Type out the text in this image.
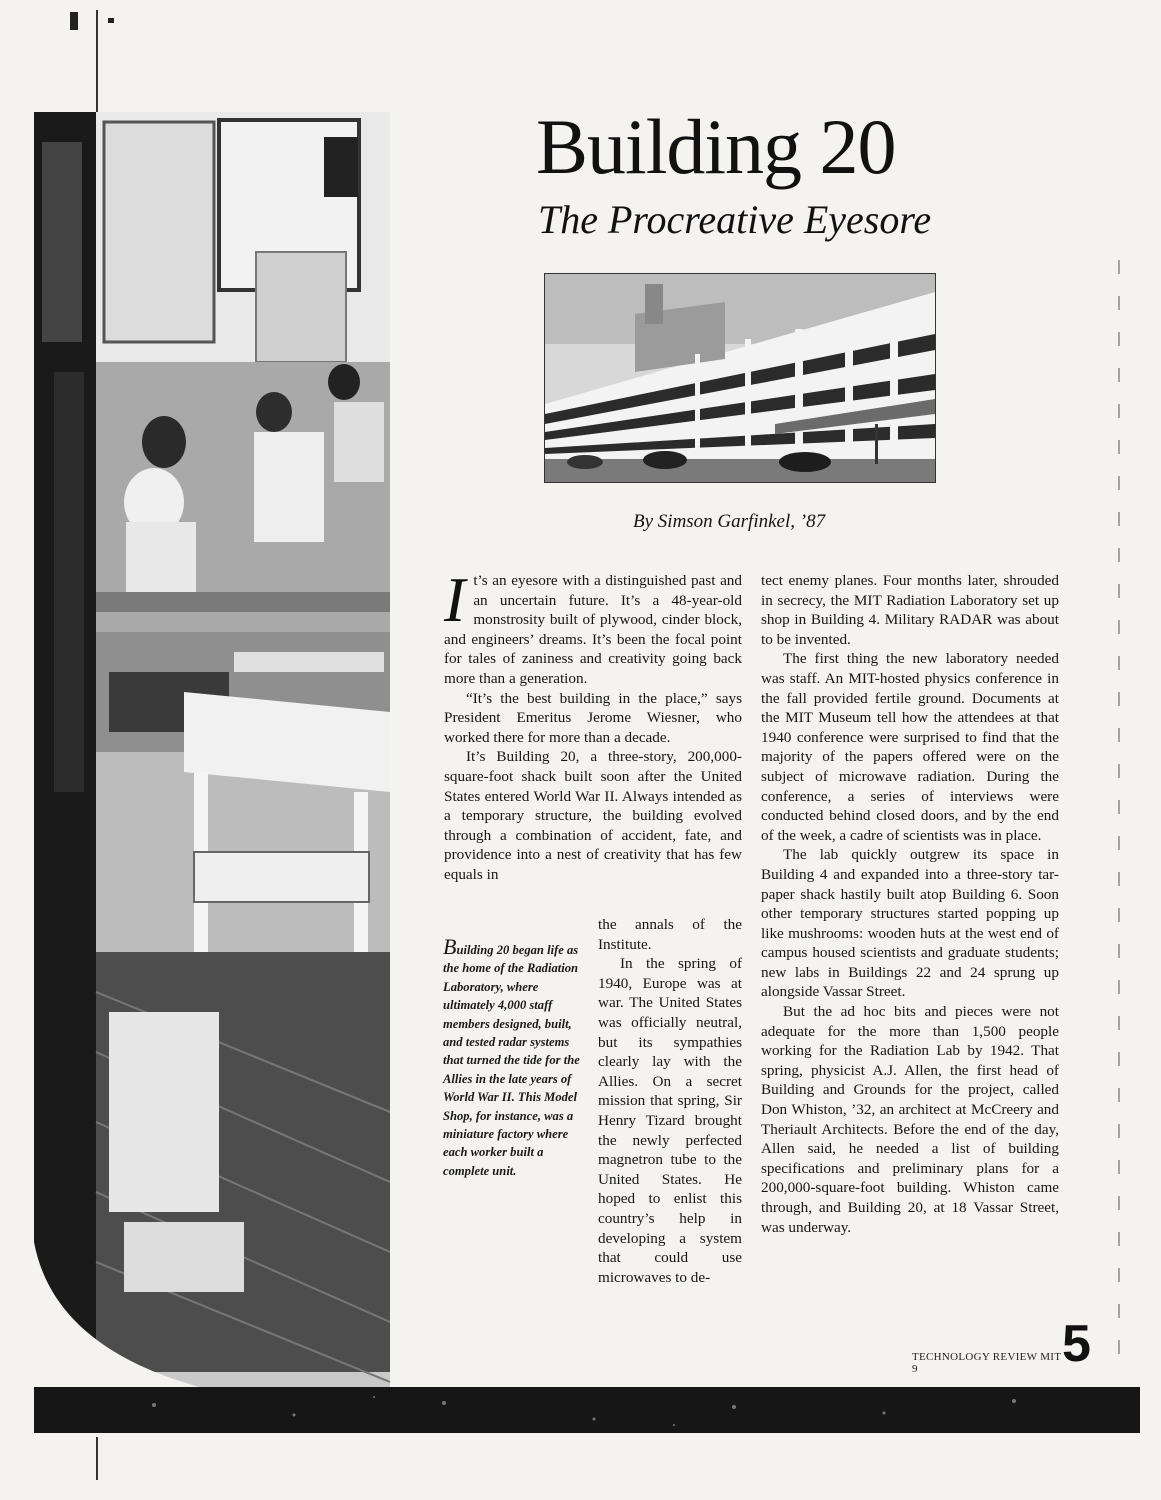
Building 20
The Procreative Eyesore
By Simson Garfinkel, ’87

It’s an eyesore with a distinguished past and an uncertain future. It’s a 48-year-old monstrosity built of plywood, cinder block, and engineers’ dreams. It’s been the focal point for tales of zaniness and creativity going back more than a generation.

“It’s the best building in the place,” says President Emeritus Jerome Wiesner, who worked there for more than a decade.

It’s Building 20, a three-story, 200,000-square-foot shack built soon after the United States entered World War II. Always intended as a temporary structure, the building evolved through a combination of accident, fate, and providence into a nest of creativity that has few equals in

the annals of the Institute.

In the spring of 1940, Europe was at war. The United States was officially neutral, but its sympathies clearly lay with the Allies. On a secret mission that spring, Sir Henry Tizard brought the newly perfected magnetron tube to the United States. He hoped to enlist this country’s help in developing a system that could use microwaves to de-

Building 20 began life as the home of the Radiation Laboratory, where ultimately 4,000 staff members designed, built, and tested radar systems that turned the tide for the Allies in the late years of World War II. This Model Shop, for instance, was a miniature factory where each worker built a complete unit.

tect enemy planes. Four months later, shrouded in secrecy, the MIT Radiation Laboratory set up shop in Building 4. Military RADAR was about to be invented.

The first thing the new laboratory needed was staff. An MIT-hosted physics conference in the fall provided fertile ground. Documents at the MIT Museum tell how the attendees at that 1940 conference were surprised to find that the majority of the papers offered were on the subject of microwave radiation. During the conference, a series of interviews were conducted behind closed doors, and by the end of the week, a cadre of scientists was in place.

The lab quickly outgrew its space in Building 4 and expanded into a three-story tar-paper shack hastily built atop Building 6. Soon other temporary structures started popping up like mushrooms: wooden huts at the west end of campus housed scientists and graduate students; new labs in Buildings 22 and 24 sprung up alongside Vassar Street.

But the ad hoc bits and pieces were not adequate for the more than 1,500 people working for the Radiation Lab by 1942. That spring, physicist A.J. Allen, the first head of Building and Grounds for the project, called Don Whiston, ’32, an architect at McCreery and Theriault Architects. Before the end of the day, Allen said, he needed a list of building specifications and preliminary plans for a 200,000-square-foot building. Whiston came through, and Building 20, at 18 Vassar Street, was underway.

TECHNOLOGY REVIEW MIT 9	5
